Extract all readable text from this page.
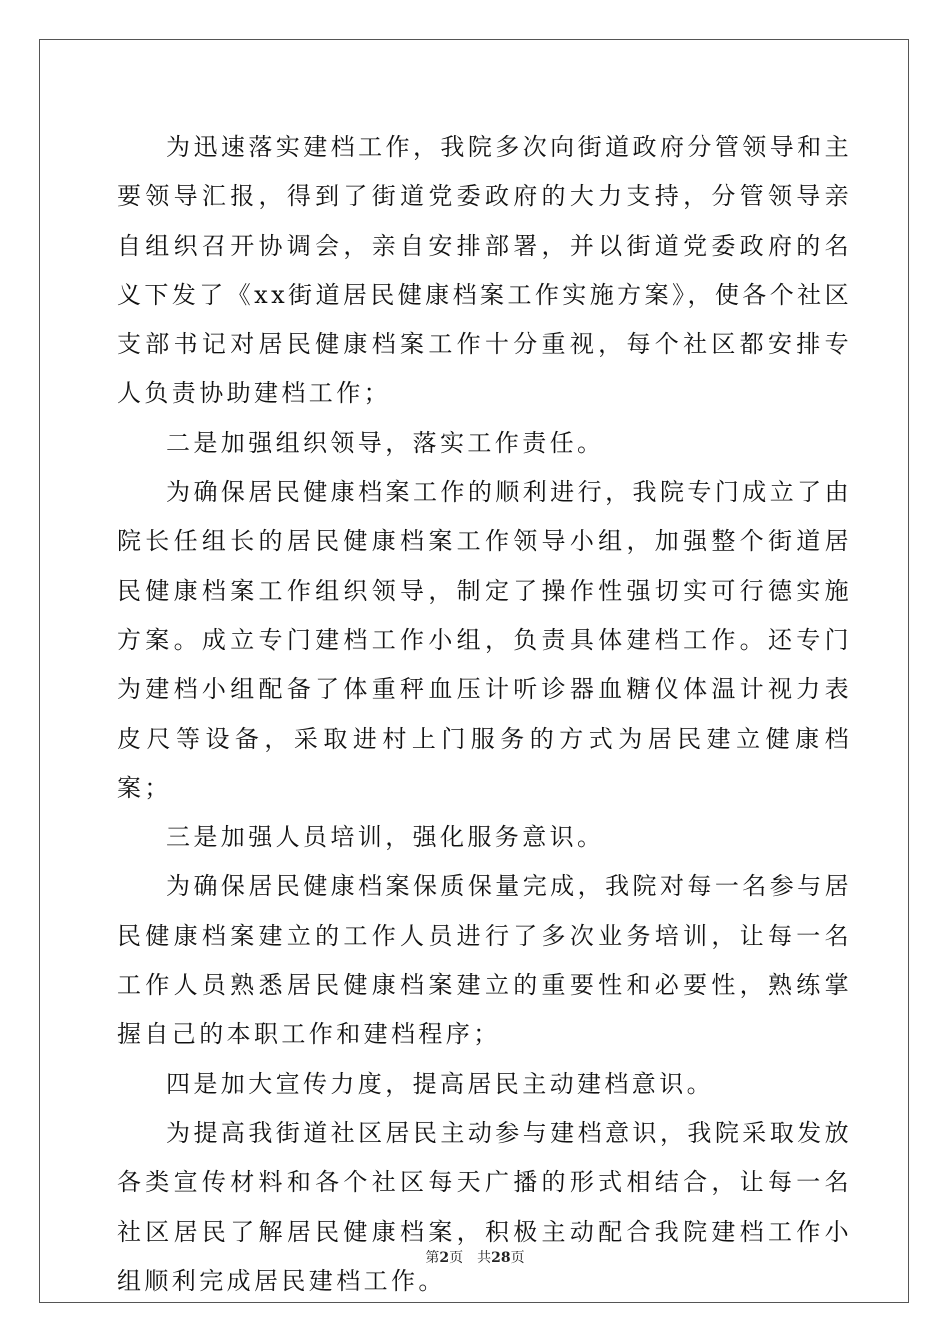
为迅速落实建档工作，我院多次向街道政府分管领导和主要领导汇报，得到了街道党委政府的大力支持，分管领导亲自组织召开协调会，亲自安排部署，并以街道党委政府的名义下发了《xx街道居民健康档案工作实施方案》，使各个社区支部书记对居民健康档案工作十分重视，每个社区都安排专人负责协助建档工作；

二是加强组织领导，落实工作责任。

为确保居民健康档案工作的顺利进行，我院专门成立了由院长任组长的居民健康档案工作领导小组，加强整个街道居民健康档案工作组织领导，制定了操作性强切实可行德实施方案。成立专门建档工作小组，负责具体建档工作。还专门为建档小组配备了体重秤血压计听诊器血糖仪体温计视力表皮尺等设备，采取进村上门服务的方式为居民建立健康档案；

三是加强人员培训，强化服务意识。

为确保居民健康档案保质保量完成，我院对每一名参与居民健康档案建立的工作人员进行了多次业务培训，让每一名工作人员熟悉居民健康档案建立的重要性和必要性，熟练掌握自己的本职工作和建档程序；

四是加大宣传力度，提高居民主动建档意识。

为提高我街道社区居民主动参与建档意识，我院采取发放各类宣传材料和各个社区每天广播的形式相结合，让每一名社区居民了解居民健康档案，积极主动配合我院建档工作小组顺利完成居民建档工作。

第2页 共28页
